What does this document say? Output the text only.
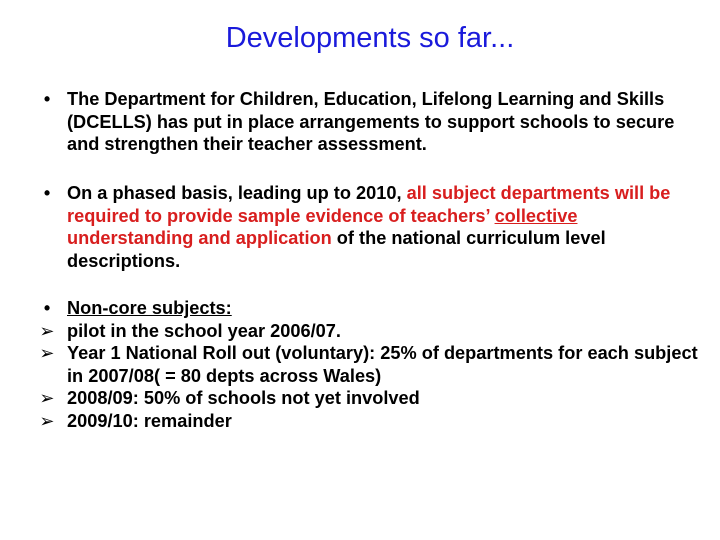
Developments so far...
•
The Department for Children, Education, Lifelong Learning and Skills (DCELLS) has put in place arrangements to support schools to secure and strengthen their teacher assessment.
•
On a phased basis, leading up to 2010, all subject departments will be required to provide sample evidence of teachers’ collective understanding and application of the national curriculum level descriptions.
•
Non-core subjects:
➢
pilot in the school year 2006/07.
➢
Year 1 National Roll out (voluntary): 25% of departments for each subject in 2007/08( = 80 depts across Wales)
➢
2008/09: 50% of schools not yet involved
➢
2009/10: remainder
